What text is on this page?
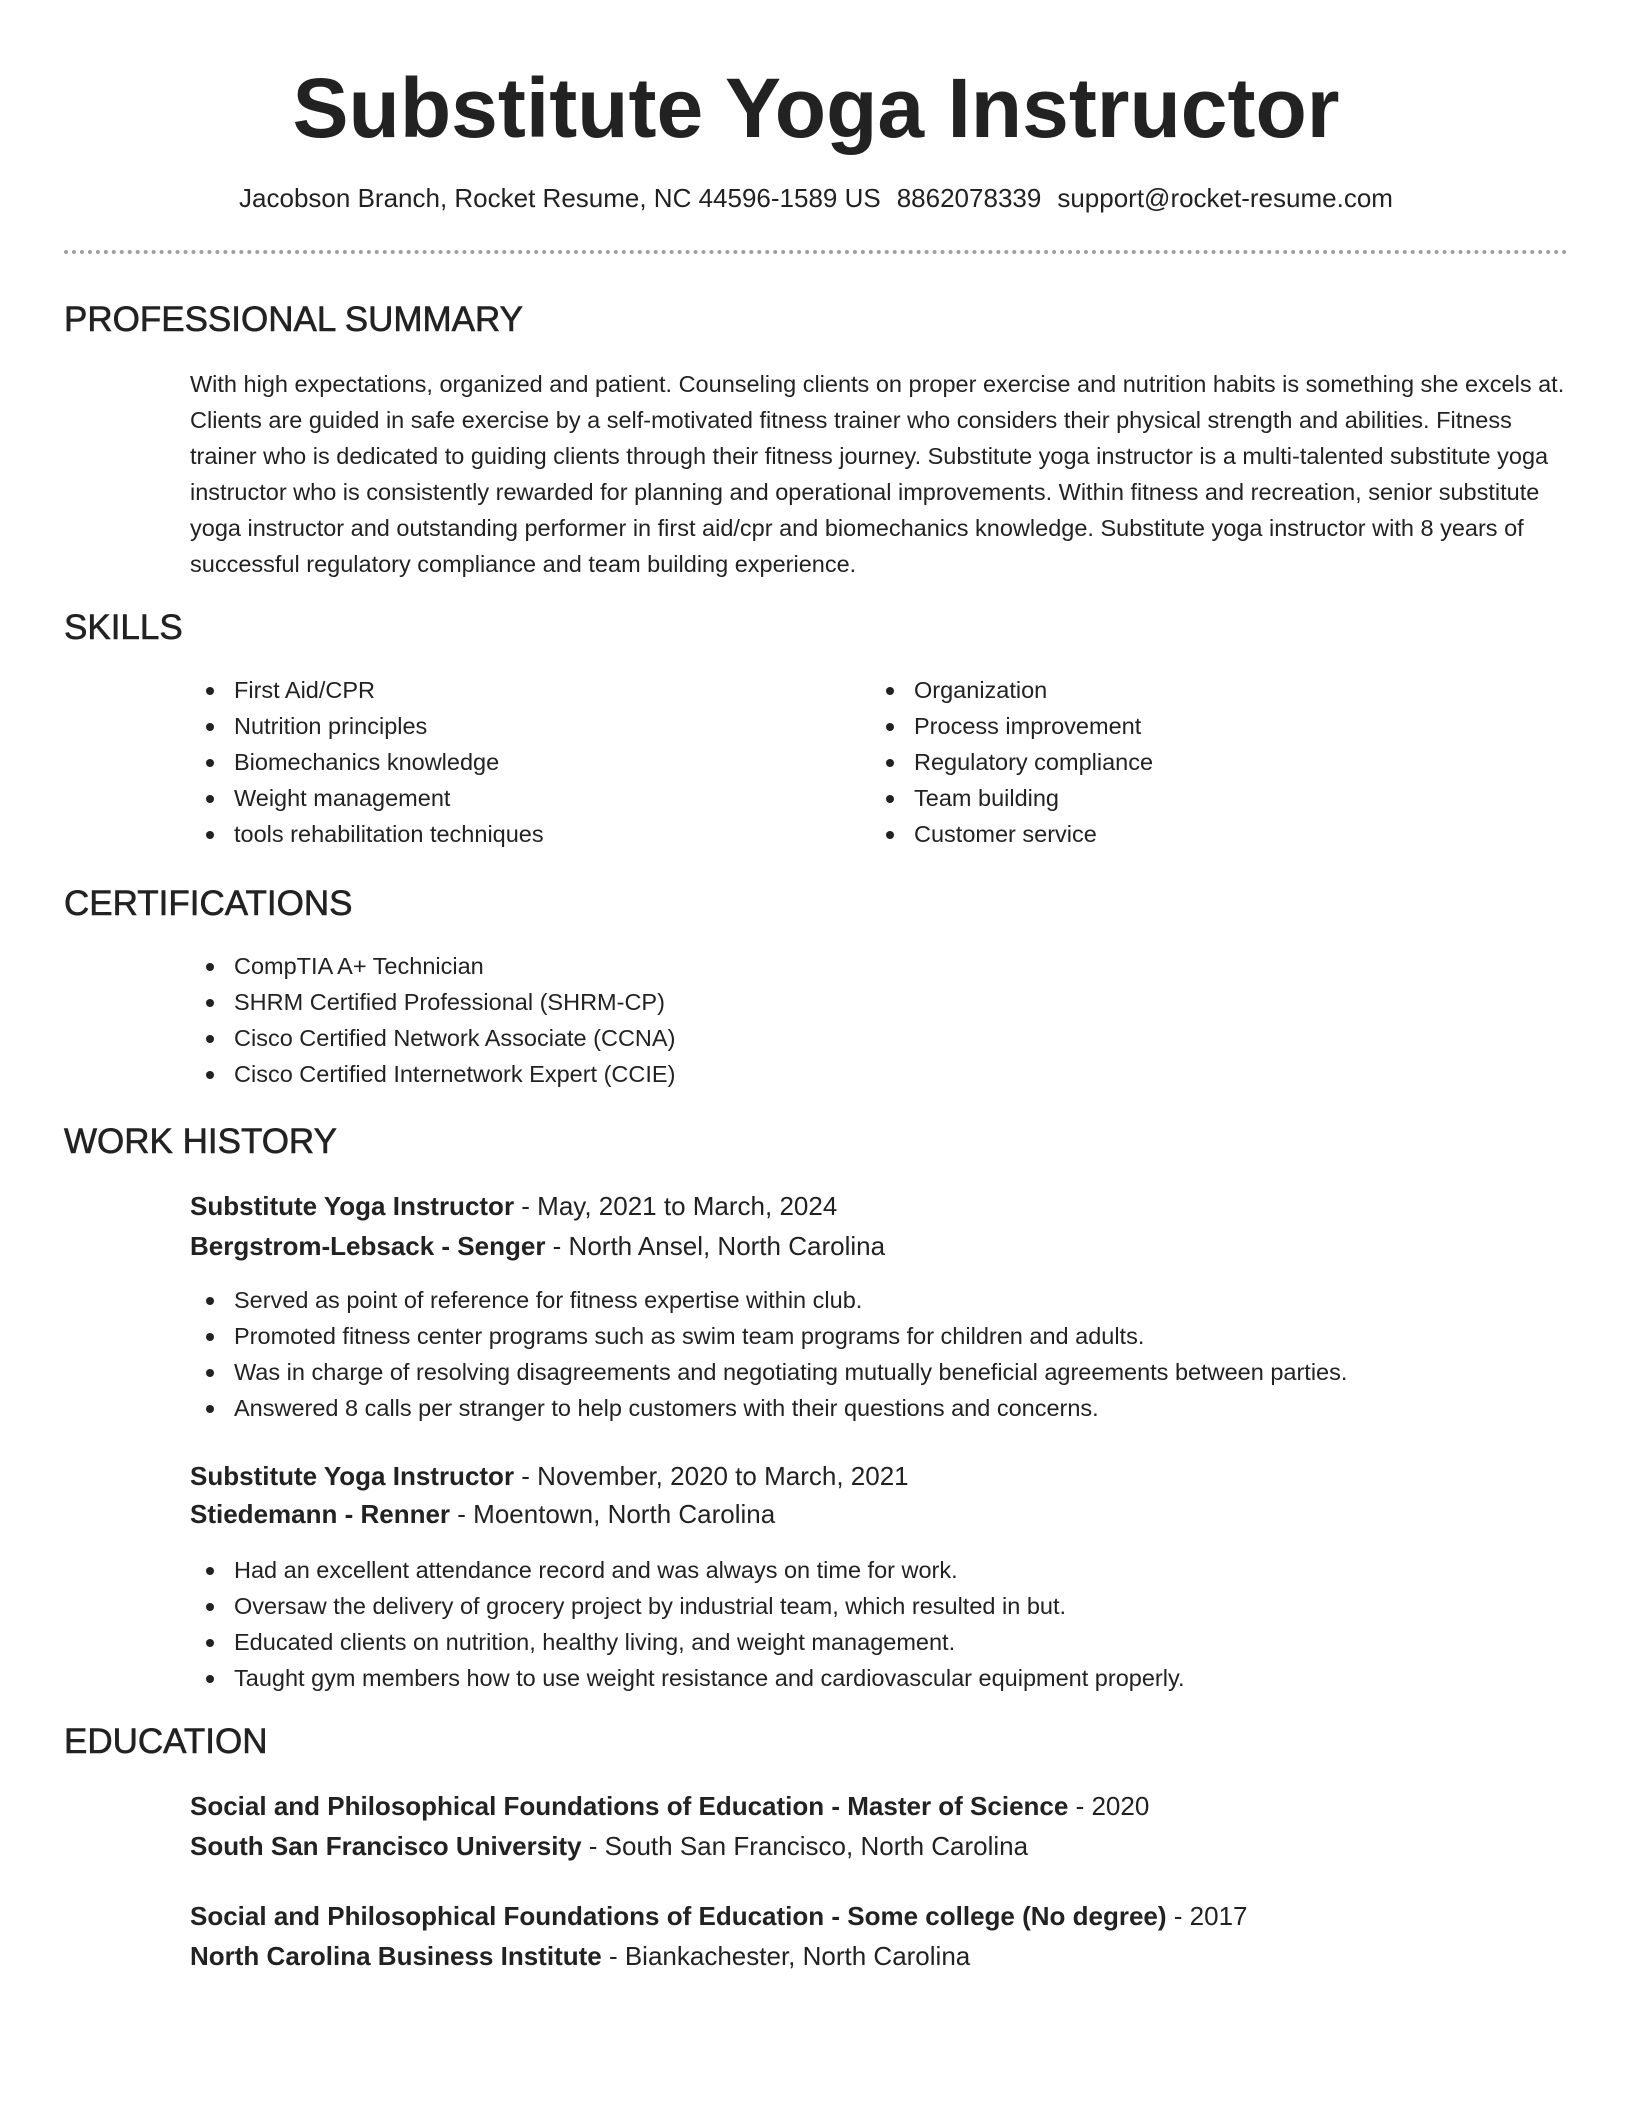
Substitute Yoga Instructor
Jacobson Branch, Rocket Resume, NC 44596-1589 US 8862078339 support@rocket-resume.com
PROFESSIONAL SUMMARY
With high expectations, organized and patient. Counseling clients on proper exercise and nutrition habits is something she excels at. Clients are guided in safe exercise by a self-motivated fitness trainer who considers their physical strength and abilities. Fitness trainer who is dedicated to guiding clients through their fitness journey. Substitute yoga instructor is a multi-talented substitute yoga instructor who is consistently rewarded for planning and operational improvements. Within fitness and recreation, senior substitute yoga instructor and outstanding performer in first aid/cpr and biomechanics knowledge. Substitute yoga instructor with 8 years of successful regulatory compliance and team building experience.
SKILLS
First Aid/CPR
Nutrition principles
Biomechanics knowledge
Weight management
tools rehabilitation techniques
Organization
Process improvement
Regulatory compliance
Team building
Customer service
CERTIFICATIONS
CompTIA A+ Technician
SHRM Certified Professional (SHRM-CP)
Cisco Certified Network Associate (CCNA)
Cisco Certified Internetwork Expert (CCIE)
WORK HISTORY
Substitute Yoga Instructor - May, 2021 to March, 2024
Bergstrom-Lebsack - Senger - North Ansel, North Carolina
Served as point of reference for fitness expertise within club.
Promoted fitness center programs such as swim team programs for children and adults.
Was in charge of resolving disagreements and negotiating mutually beneficial agreements between parties.
Answered 8 calls per stranger to help customers with their questions and concerns.
Substitute Yoga Instructor - November, 2020 to March, 2021
Stiedemann - Renner - Moentown, North Carolina
Had an excellent attendance record and was always on time for work.
Oversaw the delivery of grocery project by industrial team, which resulted in but.
Educated clients on nutrition, healthy living, and weight management.
Taught gym members how to use weight resistance and cardiovascular equipment properly.
EDUCATION
Social and Philosophical Foundations of Education - Master of Science - 2020
South San Francisco University - South San Francisco, North Carolina
Social and Philosophical Foundations of Education - Some college (No degree) - 2017
North Carolina Business Institute - Biankachester, North Carolina
